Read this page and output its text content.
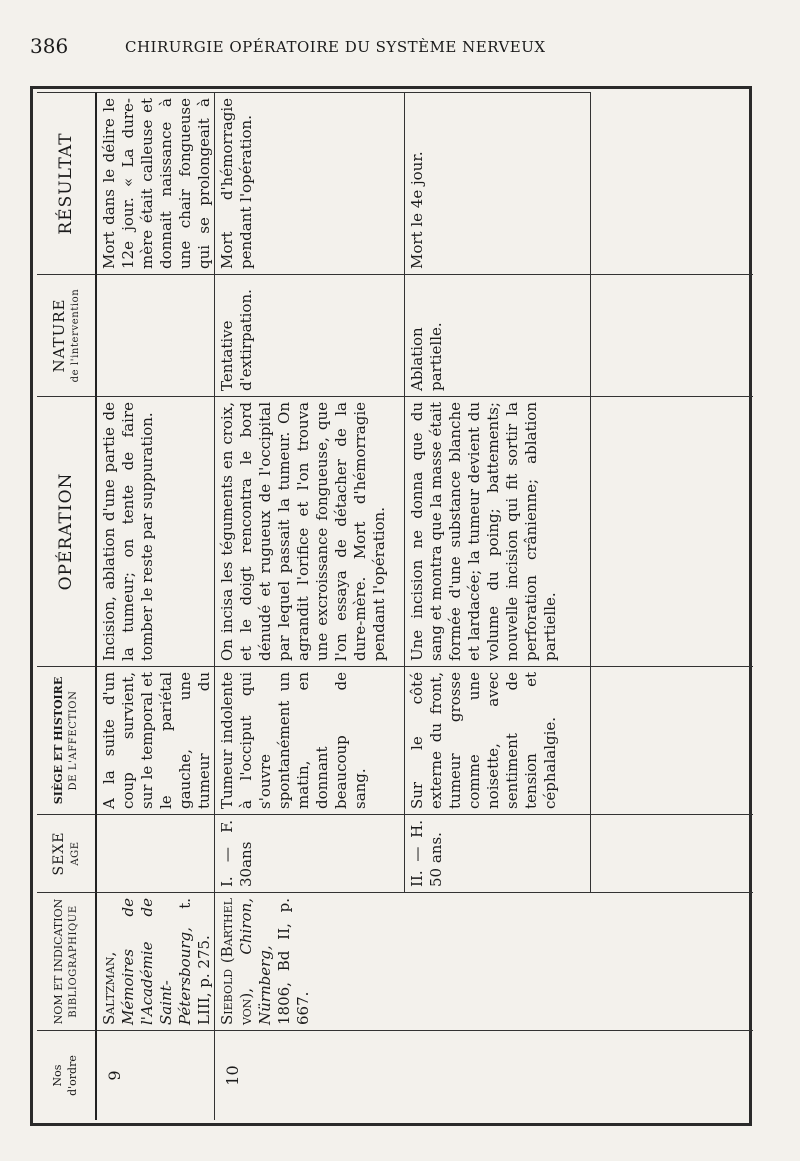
386	CHIRURGIE OPÉRATOIRE DU SYSTÈME NERVEUX
Nos d'ordre
NOM ET INDICATION BIBLIOGRAPHIQUE
SEXE AGE
SIÈGE ET HISTOIRE DE L'AFFECTION
OPÉRATION
NATURE de l'intervention
RÉSULTAT
9
Saltzman, Mémoires de l'Académie de Saint-Pétersbourg, t. LIII, p. 275.
A la suite d'un coup survient, sur le temporal et le pariétal gauche, une tumeur du
Incision, ablation d'une partie de la tumeur; on tente de faire tomber le reste par suppuration.
Mort dans le délire le 12e jour. « La dure-mère était calleuse et donnait naissance à une chair fongueuse qui se prolongeait à
10
Siebold (Barthel von), Chiron, Nürnberg, 1806, Bd II, p. 667.
I. — F. 30ans
Tumeur indolente à l'occiput qui s'ouvre spontanément un matin, en donnant beaucoup de sang.
On incisa les téguments en croix, et le doigt rencontra le bord dénudé et rugueux de l'occipital par lequel passait la tumeur. On agrandit l'orifice et l'on trouva une excroissance fongueuse, que l'on essaya de détacher de la dure-mère. Mort d'hémorragie pendant l'opération.
Tentative d'extirpation.
Mort d'hémorragie pendant l'opération.
II. — H. 50 ans.
Sur le côté externe du front, tumeur grosse comme une noisette, avec sentiment de tension et céphalalgie.
Une incision ne donna que du sang et montra que la masse était formée d'une substance blanche et lardacée; la tumeur devient du volume du poing; battements; nouvelle incision qui fit sortir la perforation crânienne; ablation partielle.
Ablation partielle.
Mort le 4e jour.
